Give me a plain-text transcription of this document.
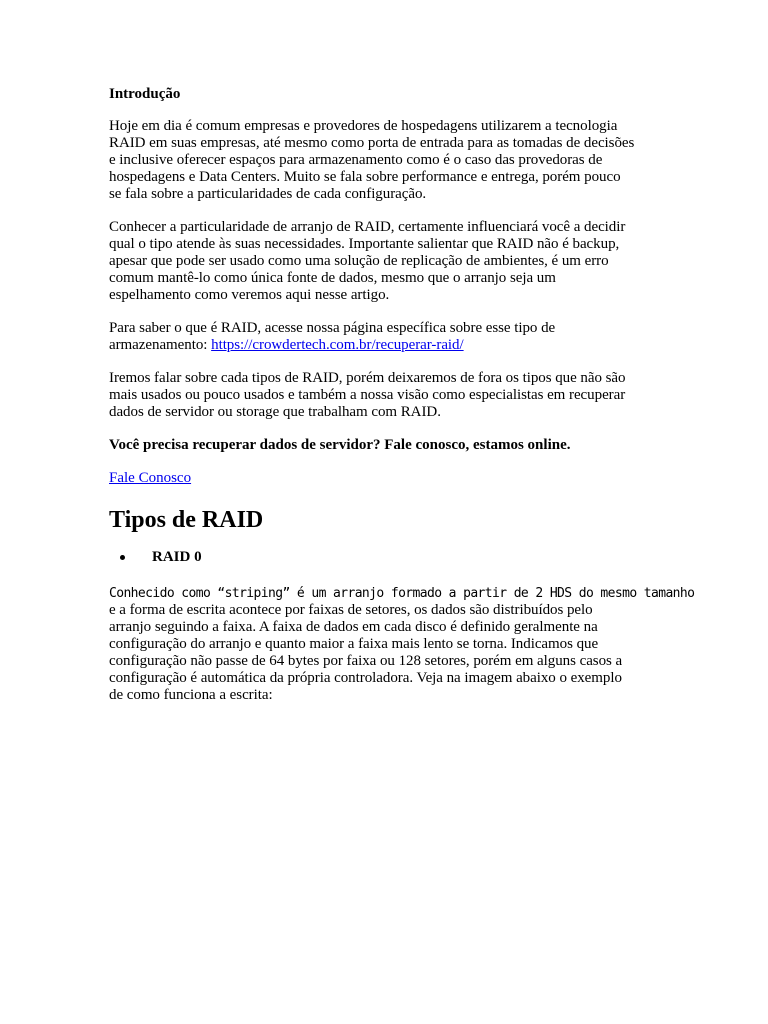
Introdução

Hoje em dia é comum empresas e provedores de hospedagens utilizarem a tecnologia
RAID em suas empresas, até mesmo como porta de entrada para as tomadas de decisões
e inclusive oferecer espaços para armazenamento como é o caso das provedoras de
hospedagens e Data Centers. Muito se fala sobre performance e entrega, porém pouco
se fala sobre a particularidades de cada configuração.

Conhecer a particularidade de arranjo de RAID, certamente influenciará você a decidir
qual o tipo atende às suas necessidades. Importante salientar que RAID não é backup,
apesar que pode ser usado como uma solução de replicação de ambientes, é um erro
comum mantê-lo como única fonte de dados, mesmo que o arranjo seja um
espelhamento como veremos aqui nesse artigo.

Para saber o que é RAID, acesse nossa página específica sobre esse tipo de
armazenamento: https://crowdertech.com.br/recuperar-raid/

Iremos falar sobre cada tipos de RAID, porém deixaremos de fora os tipos que não são
mais usados ou pouco usados e também a nossa visão como especialistas em recuperar
dados de servidor ou storage que trabalham com RAID.

Você precisa recuperar dados de servidor? Fale conosco, estamos online.

Fale Conosco

Tipos de RAID
RAID 0

Conhecido como “striping” é um arranjo formado a partir de 2 HDS do mesmo tamanho
e a forma de escrita acontece por faixas de setores, os dados são distribuídos pelo
arranjo seguindo a faixa. A faixa de dados em cada disco é definido geralmente na
configuração do arranjo e quanto maior a faixa mais lento se torna. Indicamos que
configuração não passe de 64 bytes por faixa ou 128 setores, porém em alguns casos a
configuração é automática da própria controladora. Veja na imagem abaixo o exemplo
de como funciona a escrita:
